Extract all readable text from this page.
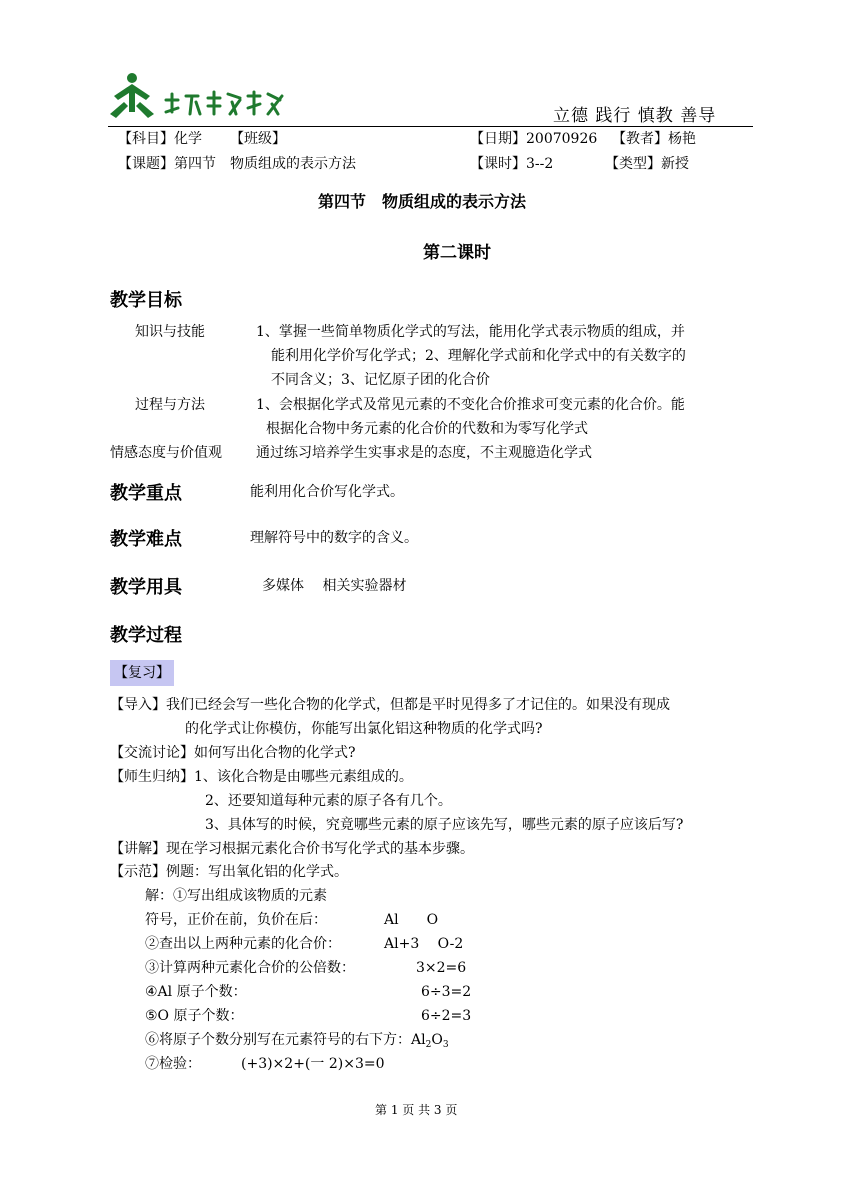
立德 践行 慎教 善导
【科目】化学 【班级】	【日期】20070926 【教者】杨艳
【课题】第四节　物质组成的表示方法	【课时】3--2	【类型】新授
第四节　物质组成的表示方法
第二课时
教学目标
知识与技能	1、掌握一些简单物质化学式的写法，能用化学式表示物质的组成，并
能利用化学价写化学式；2、理解化学式前和化学式中的有关数字的
不同含义；3、记忆原子团的化合价
过程与方法	1、会根据化学式及常见元素的不变化合价推求可变元素的化合价。能
根据化合物中务元素的化合价的代数和为零写化学式
情感态度与价值观 通过练习培养学生实事求是的态度，不主观臆造化学式
教学重点	能利用化合价写化学式。
教学难点	理解符号中的数字的含义。
教学用具	多媒体　 相关实验器材
教学过程
【复习】
【导入】我们已经会写一些化合物的化学式，但都是平时见得多了才记住的。如果没有现成
的化学式让你模仿，你能写出氯化铝这种物质的化学式吗?
【交流讨论】如何写出化合物的化学式?
【师生归纳】1、该化合物是由哪些元素组成的。
2、还要知道每种元素的原子各有几个。
3、具体写的时候，究竟哪些元素的原子应该先写，哪些元素的原子应该后写?
【讲解】现在学习根据元素化合价书写化学式的基本步骤。
【示范】例题：写出氧化铝的化学式。
解：①写出组成该物质的元素
符号，正价在前，负价在后：	Al　　O
②查出以上两种元素的化合价：	Al+3　 O-2
③计算两种元素化合价的公倍数：	3×2=6
④Al 原子个数：	6÷3=2
⑤O 原子个数：	6÷2=3
⑥将原子个数分别写在元素符号的右下方：$Al_2O_3$
⑦检验：	(+3)×2+(一 2)×3=0
第 1 页 共 3 页
